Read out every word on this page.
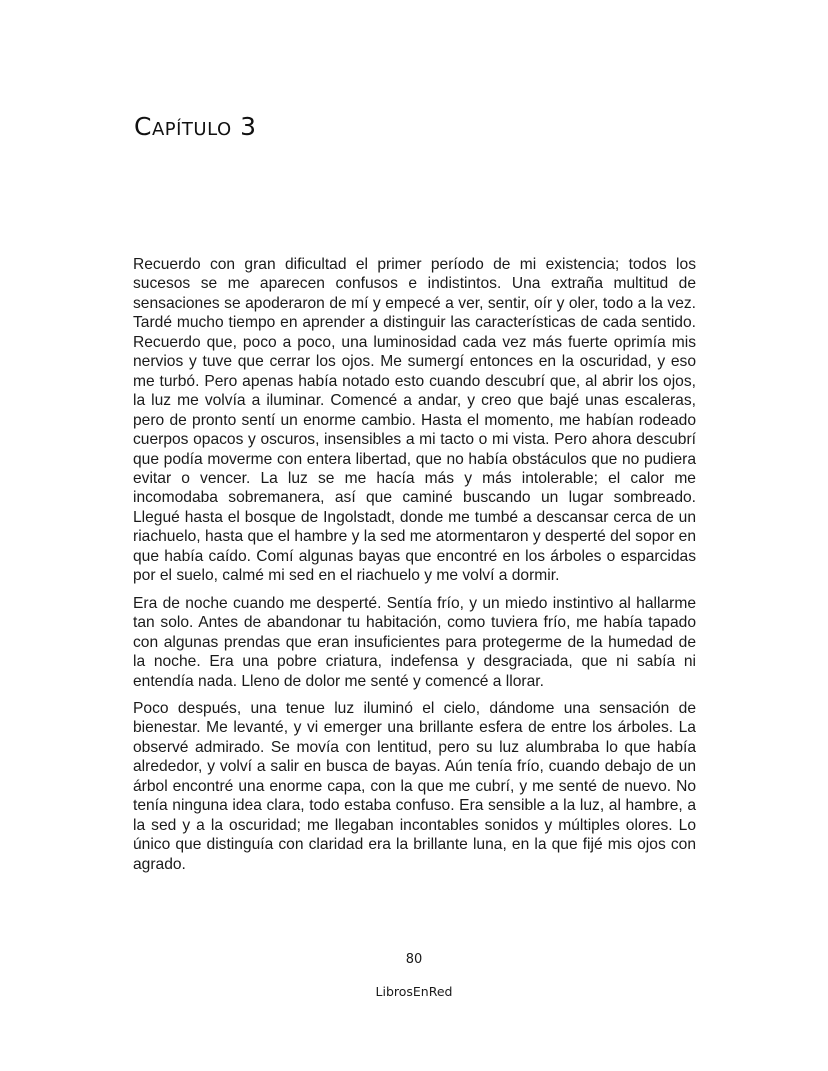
Capítulo 3

Recuerdo con gran dificultad el primer período de mi existencia; todos los sucesos se me aparecen confusos e indistintos. Una extraña multitud de sensaciones se apoderaron de mí y empecé a ver, sentir, oír y oler, todo a la vez. Tardé mucho tiempo en aprender a distinguir las características de cada sentido. Recuerdo que, poco a poco, una luminosidad cada vez más fuerte oprimía mis nervios y tuve que cerrar los ojos. Me sumergí entonces en la oscuridad, y eso me turbó. Pero apenas había notado esto cuando descubrí que, al abrir los ojos, la luz me volvía a iluminar. Comencé a andar, y creo que bajé unas escaleras, pero de pronto sentí un enorme cambio. Hasta el momento, me habían rodeado cuerpos opacos y oscuros, insensibles a mi tacto o mi vista. Pero ahora descubrí que podía moverme con entera libertad, que no había obstáculos que no pudiera evitar o vencer. La luz se me hacía más y más intolerable; el calor me incomodaba sobremanera, así que caminé buscando un lugar sombreado. Llegué hasta el bosque de Ingolstadt, donde me tumbé a descansar cerca de un riachuelo, hasta que el hambre y la sed me atormentaron y desperté del sopor en que había caído. Comí algunas bayas que encontré en los árboles o esparcidas por el suelo, calmé mi sed en el riachuelo y me volví a dormir.

Era de noche cuando me desperté. Sentía frío, y un miedo instintivo al hallarme tan solo. Antes de abandonar tu habitación, como tuviera frío, me había tapado con algunas prendas que eran insuficientes para protegerme de la humedad de la noche. Era una pobre criatura, indefensa y desgraciada, que ni sabía ni entendía nada. Lleno de dolor me senté y comencé a llorar.

Poco después, una tenue luz iluminó el cielo, dándome una sensación de bienestar. Me levanté, y vi emerger una brillante esfera de entre los árboles. La observé admirado. Se movía con lentitud, pero su luz alumbraba lo que había alrededor, y volví a salir en busca de bayas. Aún tenía frío, cuando debajo de un árbol encontré una enorme capa, con la que me cubrí, y me senté de nuevo. No tenía ninguna idea clara, todo estaba confuso. Era sensible a la luz, al hambre, a la sed y a la oscuridad; me llegaban incontables sonidos y múltiples olores. Lo único que distinguía con claridad era la brillante luna, en la que fijé mis ojos con agrado.

80
LibrosEnRed
